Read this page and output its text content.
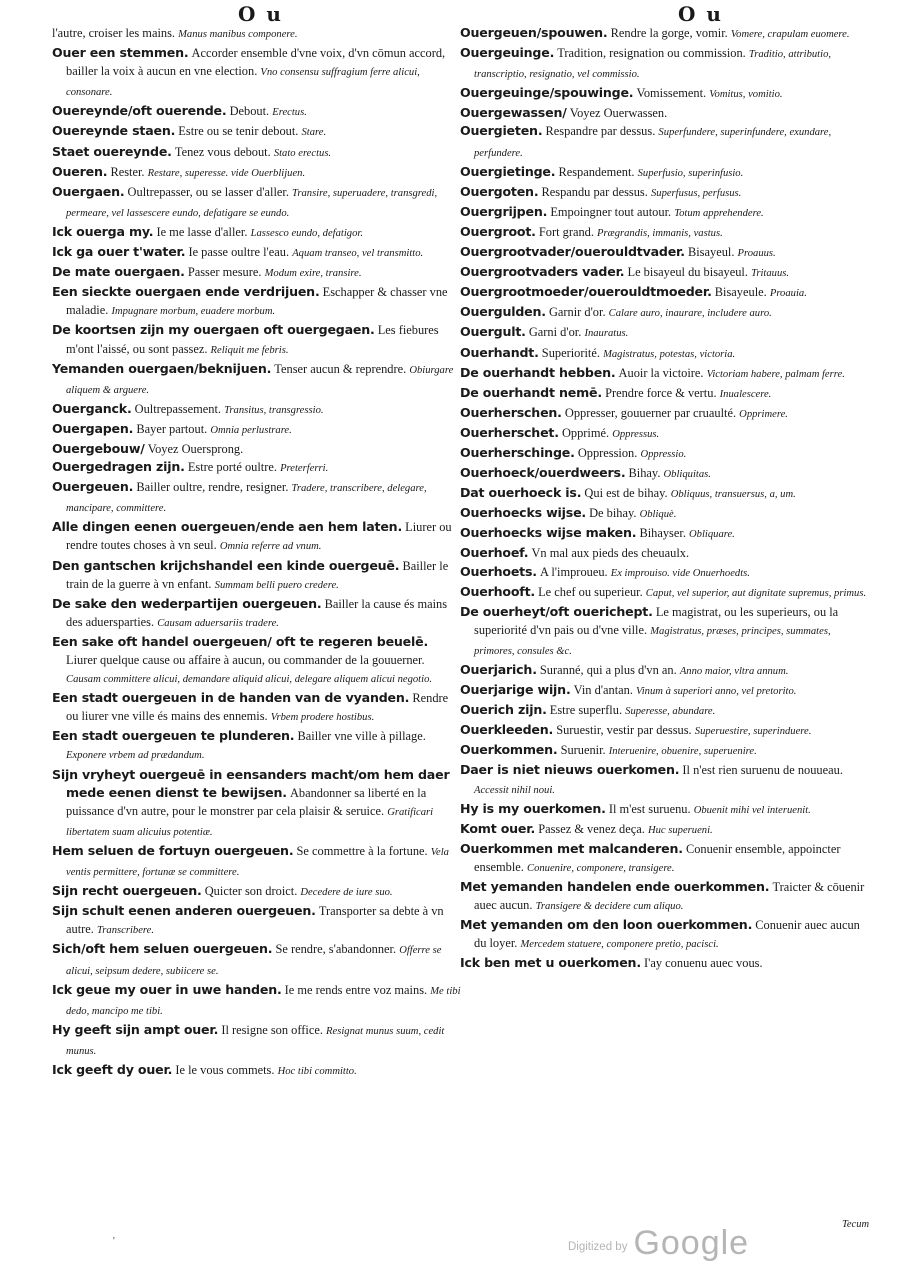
O u	O u

l'autre, croiser les mains. Manus manibus componere.

Ouer een stemmen. Accorder ensemble d'vne voix, d'vn cōmun accord, bailler la voix à aucun en vne election. Vno consensu suffragium ferre alicui, consonare.

Ouereynde/oft ouerende. Debout. Erectus.

Ouereynde staen. Estre ou se tenir debout. Stare.

Staet ouereynde. Tenez vous debout. Stato erectus.

Oueren. Rester. Restare, superesse. vide Ouerblijuen.

Ouergaen. Oultrepasser, ou se lasser d'aller. Transire, superuadere, transgredi, permeare, vel lassescere eundo, defatigare se eundo.

Ick ouerga my. Ie me lasse d'aller. Lassesco eundo, defatigor.

Ick ga ouer t'water. Ie passe oultre l'eau. Aquam transeo, vel transmitto.

De mate ouergaen. Passer mesure. Modum exire, transire.

Een sieckte ouergaen ende verdrijuen. Eschapper & chasser vne maladie. Impugnare morbum, euadere morbum.

De koortsen zijn my ouergaen oft ouergegaen. Les fiebures m'ont l'aissé, ou sont passez. Reliquit me febris.

Yemanden ouergaen/beknijuen. Tenser aucun & reprendre. Obiurgare aliquem & arguere.

Ouerganck. Oultrepassement. Transitus, transgressio.

Ouergapen. Bayer partout. Omnia perlustrare.

Ouergebouw/ Voyez Ouersprong.

Ouergedragen zijn. Estre porté oultre. Preterferri.

Ouergeuen. Bailler oultre, rendre, resigner. Tradere, transcribere, delegare, mancipare, committere.

Alle dingen eenen ouergeuen/ende aen hem laten. Liurer ou rendre toutes choses à vn seul. Omnia referre ad vnum.

Den gantschen krijchshandel een kinde ouergeuē. Bailler le train de la guerre à vn enfant. Summam belli puero credere.

De sake den wederpartijen ouergeuen. Bailler la cause és mains des aduersparties. Causam aduersariis tradere.

Een sake oft handel ouergeuen/ oft te regeren beuelē. Liurer quelque cause ou affaire à aucun, ou commander de la gouuerner. Causam committere alicui, demandare aliquid alicui, delegare aliquem alicui negotio.

Een stadt ouergeuen in de handen van de vyanden. Rendre ou liurer vne ville és mains des ennemis. Vrbem prodere hostibus.

Een stadt ouergeuen te plunderen. Bailler vne ville à pillage. Exponere vrbem ad prædandum.

Sijn vryheyt ouergeuē in eensanders macht/om hem daer mede eenen dienst te bewijsen. Abandonner sa liberté en la puissance d'vn autre, pour le monstrer par cela plaisir & seruice. Gratificari libertatem suam alicuius potentiæ.

Hem seluen de fortuyn ouergeuen. Se commettre à la fortune. Vela ventis permittere, fortunæ se committere.

Sijn recht ouergeuen. Quicter son droict. Decedere de iure suo.

Sijn schult eenen anderen ouergeuen. Transporter sa debte à vn autre. Transcribere.

Sich/oft hem seluen ouergeuen. Se rendre, s'abandonner. Offerre se alicui, seipsum dedere, subiicere se.

Ick geue my ouer in uwe handen. Ie me rends entre voz mains. Me tibi dedo, mancipo me tibi.

Hy geeft sijn ampt ouer. Il resigne son office. Resignat munus suum, cedit munus.

Ick geeft dy ouer. Ie le vous commets. Hoc tibi committo.

Ouergeuen/spouwen. Rendre la gorge, vomir. Vomere, crapulam euomere.

Ouergeuinge. Tradition, resignation ou commission. Traditio, attributio, transcriptio, resignatio, vel commissio.

Ouergeuinge/spouwinge. Vomissement. Vomitus, vomitio.

Ouergewassen/ Voyez Ouerwassen.

Ouergieten. Respandre par dessus. Superfundere, superinfundere, exundare, perfundere.

Ouergietinge. Respandement. Superfusio, superinfusio.

Ouergoten. Respandu par dessus. Superfusus, perfusus.

Ouergrijpen. Empoingner tout autour. Totum apprehendere.

Ouergroot. Fort grand. Prægrandis, immanis, vastus.

Ouergrootvader/ouerouldtvader. Bisayeul. Proauus.

Ouergrootvaders vader. Le bisayeul du bisayeul. Tritauus.

Ouergrootmoeder/ouerouldtmoeder. Bisayeule. Proauia.

Ouergulden. Garnir d'or. Calare auro, inaurare, includere auro.

Ouergult. Garni d'or. Inauratus.

Ouerhandt. Superiorité. Magistratus, potestas, victoria.

De ouerhandt hebben. Auoir la victoire. Victoriam habere, palmam ferre.

De ouerhandt nemē. Prendre force & vertu. Inualescere.

Ouerherschen. Oppresser, gouuerner par cruaulté. Opprimere.

Ouerherschet. Opprimé. Oppressus.

Ouerherschinge. Oppression. Oppressio.

Ouerhoeck/ouerdweers. Bihay. Obliquitas.

Dat ouerhoeck is. Qui est de bihay. Obliquus, transuersus, a, um.

Ouerhoecks wijse. De bihay. Obliquè.

Ouerhoecks wijse maken. Bihayser. Obliquare.

Ouerhoef. Vn mal aux pieds des cheuaulx.

Ouerhoets. A l'improueu. Ex improuiso. vide Onuerhoedts.

Ouerhooft. Le chef ou superieur. Caput, vel superior, aut dignitate supremus, primus.

De ouerheyt/oft ouerichept. Le magistrat, ou les superieurs, ou la superiorité d'vn pais ou d'vne ville. Magistratus, præses, principes, summates, primores, consules &c.

Ouerjarich. Suranné, qui a plus d'vn an. Anno maior, vltra annum.

Ouerjarige wijn. Vin d'antan. Vinum à superiori anno, vel pretorito.

Ouerich zijn. Estre superflu. Superesse, abundare.

Ouerkleeden. Suruestir, vestir par dessus. Superuestire, superinduere.

Ouerkommen. Suruenir. Interuenire, obuenire, superuenire.

Daer is niet nieuws ouerkomen. Il n'est rien suruenu de nouueau. Accessit nihil noui.

Hy is my ouerkomen. Il m'est suruenu. Obuenit mihi vel interuenit.

Komt ouer. Passez & venez deça. Huc superueni.

Ouerkommen met malcanderen. Conuenir ensemble, appoincter ensemble. Conuenire, componere, transigere.

Met yemanden handelen ende ouerkommen. Traicter & cōuenir auec aucun. Transigere & decidere cum aliquo.

Met yemanden om den loon ouerkommen. Conuenir auec aucun du loyer. Mercedem statuere, componere pretio, pacisci.

Ick ben met u ouerkomen. I'ay conuenu auec vous.

'
Tecum
$^{Digitized by}$ Google
